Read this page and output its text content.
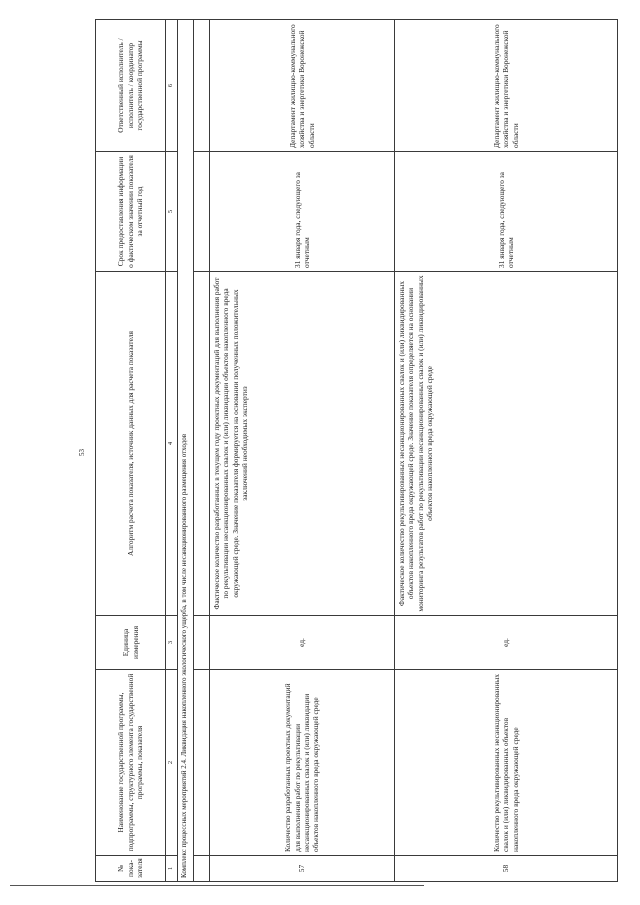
53
№ пока-зателя	Наименование государственной программы, подпрограммы, структурного элемента государственной программы, показателя	Единица измерения	Алгоритм расчета показателя, источник данных для расчета показателя	Срок предоставления информации о фактическом значении показателя за отчетный год	Ответственный исполнитель / исполнитель / координатор государственной программы
1	2	3	4	5	6
Комплекс процессных мероприятий 2.4. Ликвидация накопленного экологического ущерба, в том числе несанкционированного размещения отходов					

57	Количество разработанных проектных документаций для выполнения работ по рекультивации несанкционированных свалок и (или) ликвидации объектов накопленного вреда окружающей среде	ед.	Фактическое количество разработанных в текущем году проектных документаций для выполнения работ по рекультивации несанкционированных свалок и (или) ликвидации объектов накопленного вреда окружающей среде. Значение показателя формируется на основании полученных положительных заключений необходимых экспертиз	31 января года, следующего за отчетным	Департамент жилищно-коммунального хозяйства и энергетики Воронежской области
58	Количество рекультивированных несанкционированных свалок и (или) ликвидированных объектов накопленного вреда окружающей среде	ед.	Фактическое количество рекультивированных несанкционированных свалок и (или) ликвидированных объектов накопленного вреда окружающей среде. Значение показателя определяется на основании мониторинга результатов работ по рекультивации несанкционированных свалок и (или) ликвидированных объектов накопленного вреда окружающей среде	31 января года, следующего за отчетным	Департамент жилищно-коммунального хозяйства и энергетики Воронежской области
